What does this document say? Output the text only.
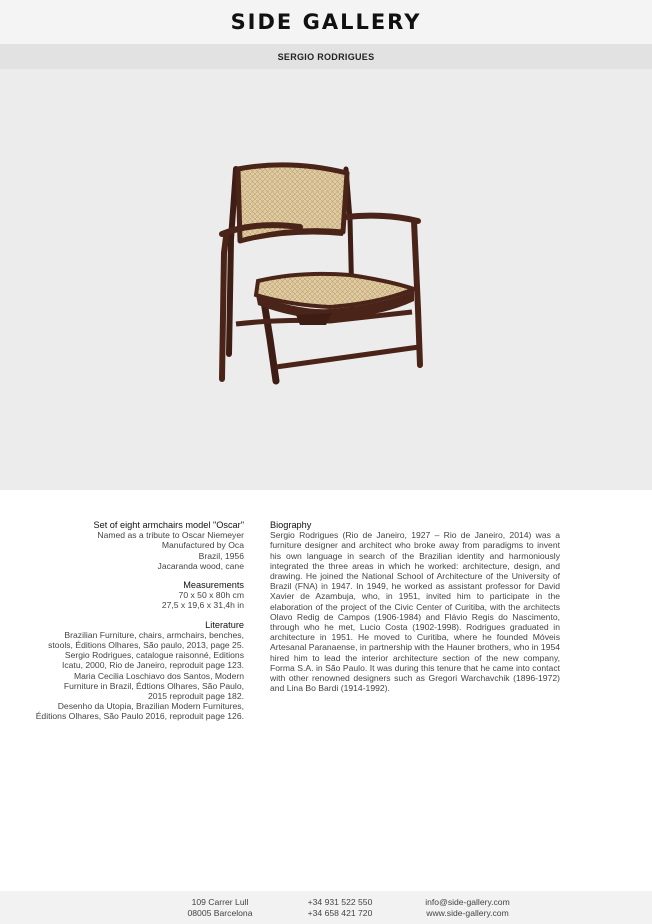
SIDE GALLERY
SERGIO RODRIGUES
Set of eight armchairs model "Oscar"
Named as a tribute to Oscar Niemeyer
Manufactured by Oca
Brazil, 1956
Jacaranda wood, cane
Measurements
70 x 50 x 80h cm
27,5 x 19,6 x 31,4h in
Literature
Brazilian Furniture, chairs, armchairs, benches,
stools, Éditions Olhares, São paulo, 2013, page 25.
Sergio Rodrigues, catalogue raisonné, Editions
Icatu, 2000, Rio de Janeiro, reproduit page 123.
Maria Cecilia Loschiavo dos Santos, Modern
Furniture in Brazil, Édtions Olhares, São Paulo,
2015 reproduit page 182.
Desenho da Utopia, Brazilian Modern Furnitures,
Éditions Olhares, São Paulo 2016, reproduit page 126.
Biography

Sergio Rodrigues (Rio de Janeiro, 1927 – Rio de Janeiro, 2014) was a furniture designer and architect who broke away from paradigms to invent his own language in search of the Brazilian identity and harmoniously integrated the three areas in which he worked: architecture, design, and drawing. He joined the National School of Architecture of the University of Brazil (FNA) in 1947. In 1949, he worked as assistant professor for David Xavier de Azambuja, who, in 1951, invited him to participate in the elaboration of the project of the Civic Center of Curitiba, with the architects Olavo Redig de Campos (1906-1984) and Flávio Regis do Nascimento, through who he met, Lucio Costa (1902-1998). Rodrigues graduated in architecture in 1951. He moved to Curitiba, where he founded Móveis Artesanal Paranaense, in partnership with the Hauner brothers, who in 1954 hired him to lead the interior architecture section of the new company, Forma S.A. in São Paulo. It was during this tenure that he came into contact with other renowned designers such as Gregori Warchavchik (1896-1972) and Lina Bo Bardi (1914-1992).

109 Carrer Lull
08005 Barcelona
+34 931 522 550
+34 658 421 720
info@side-gallery.com
www.side-gallery.com
